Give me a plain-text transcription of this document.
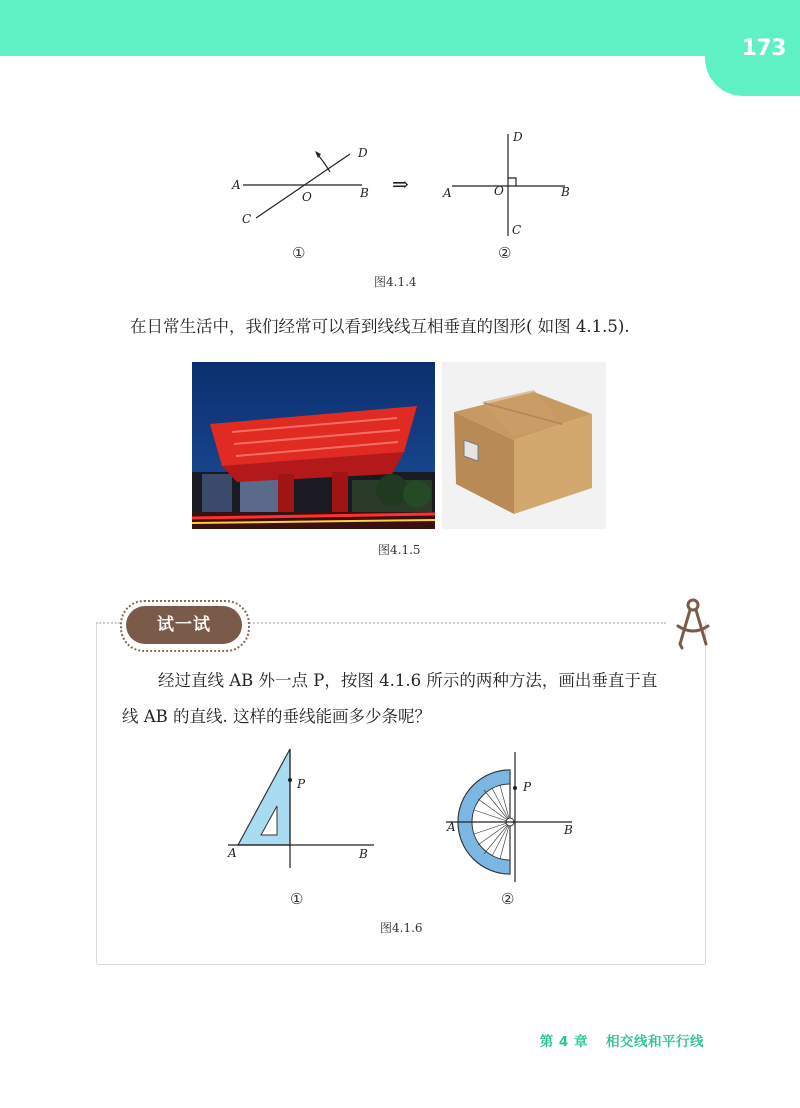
173
D
A
O	B
C
⇒
D
A	O	B
C
①	②
图4.1.4
在日常生活中，我们经常可以看到线线互相垂直的图形( 如图 4.1.5).
图4.1.5
试一试
经过直线 AB 外一点 P，按图 4.1.6 所示的两种方法，画出垂直于直
线 AB 的直线. 这样的垂线能画多少条呢？
P
A	B
P
A	B
①	②
图4.1.6
第 4 章 相交线和平行线
